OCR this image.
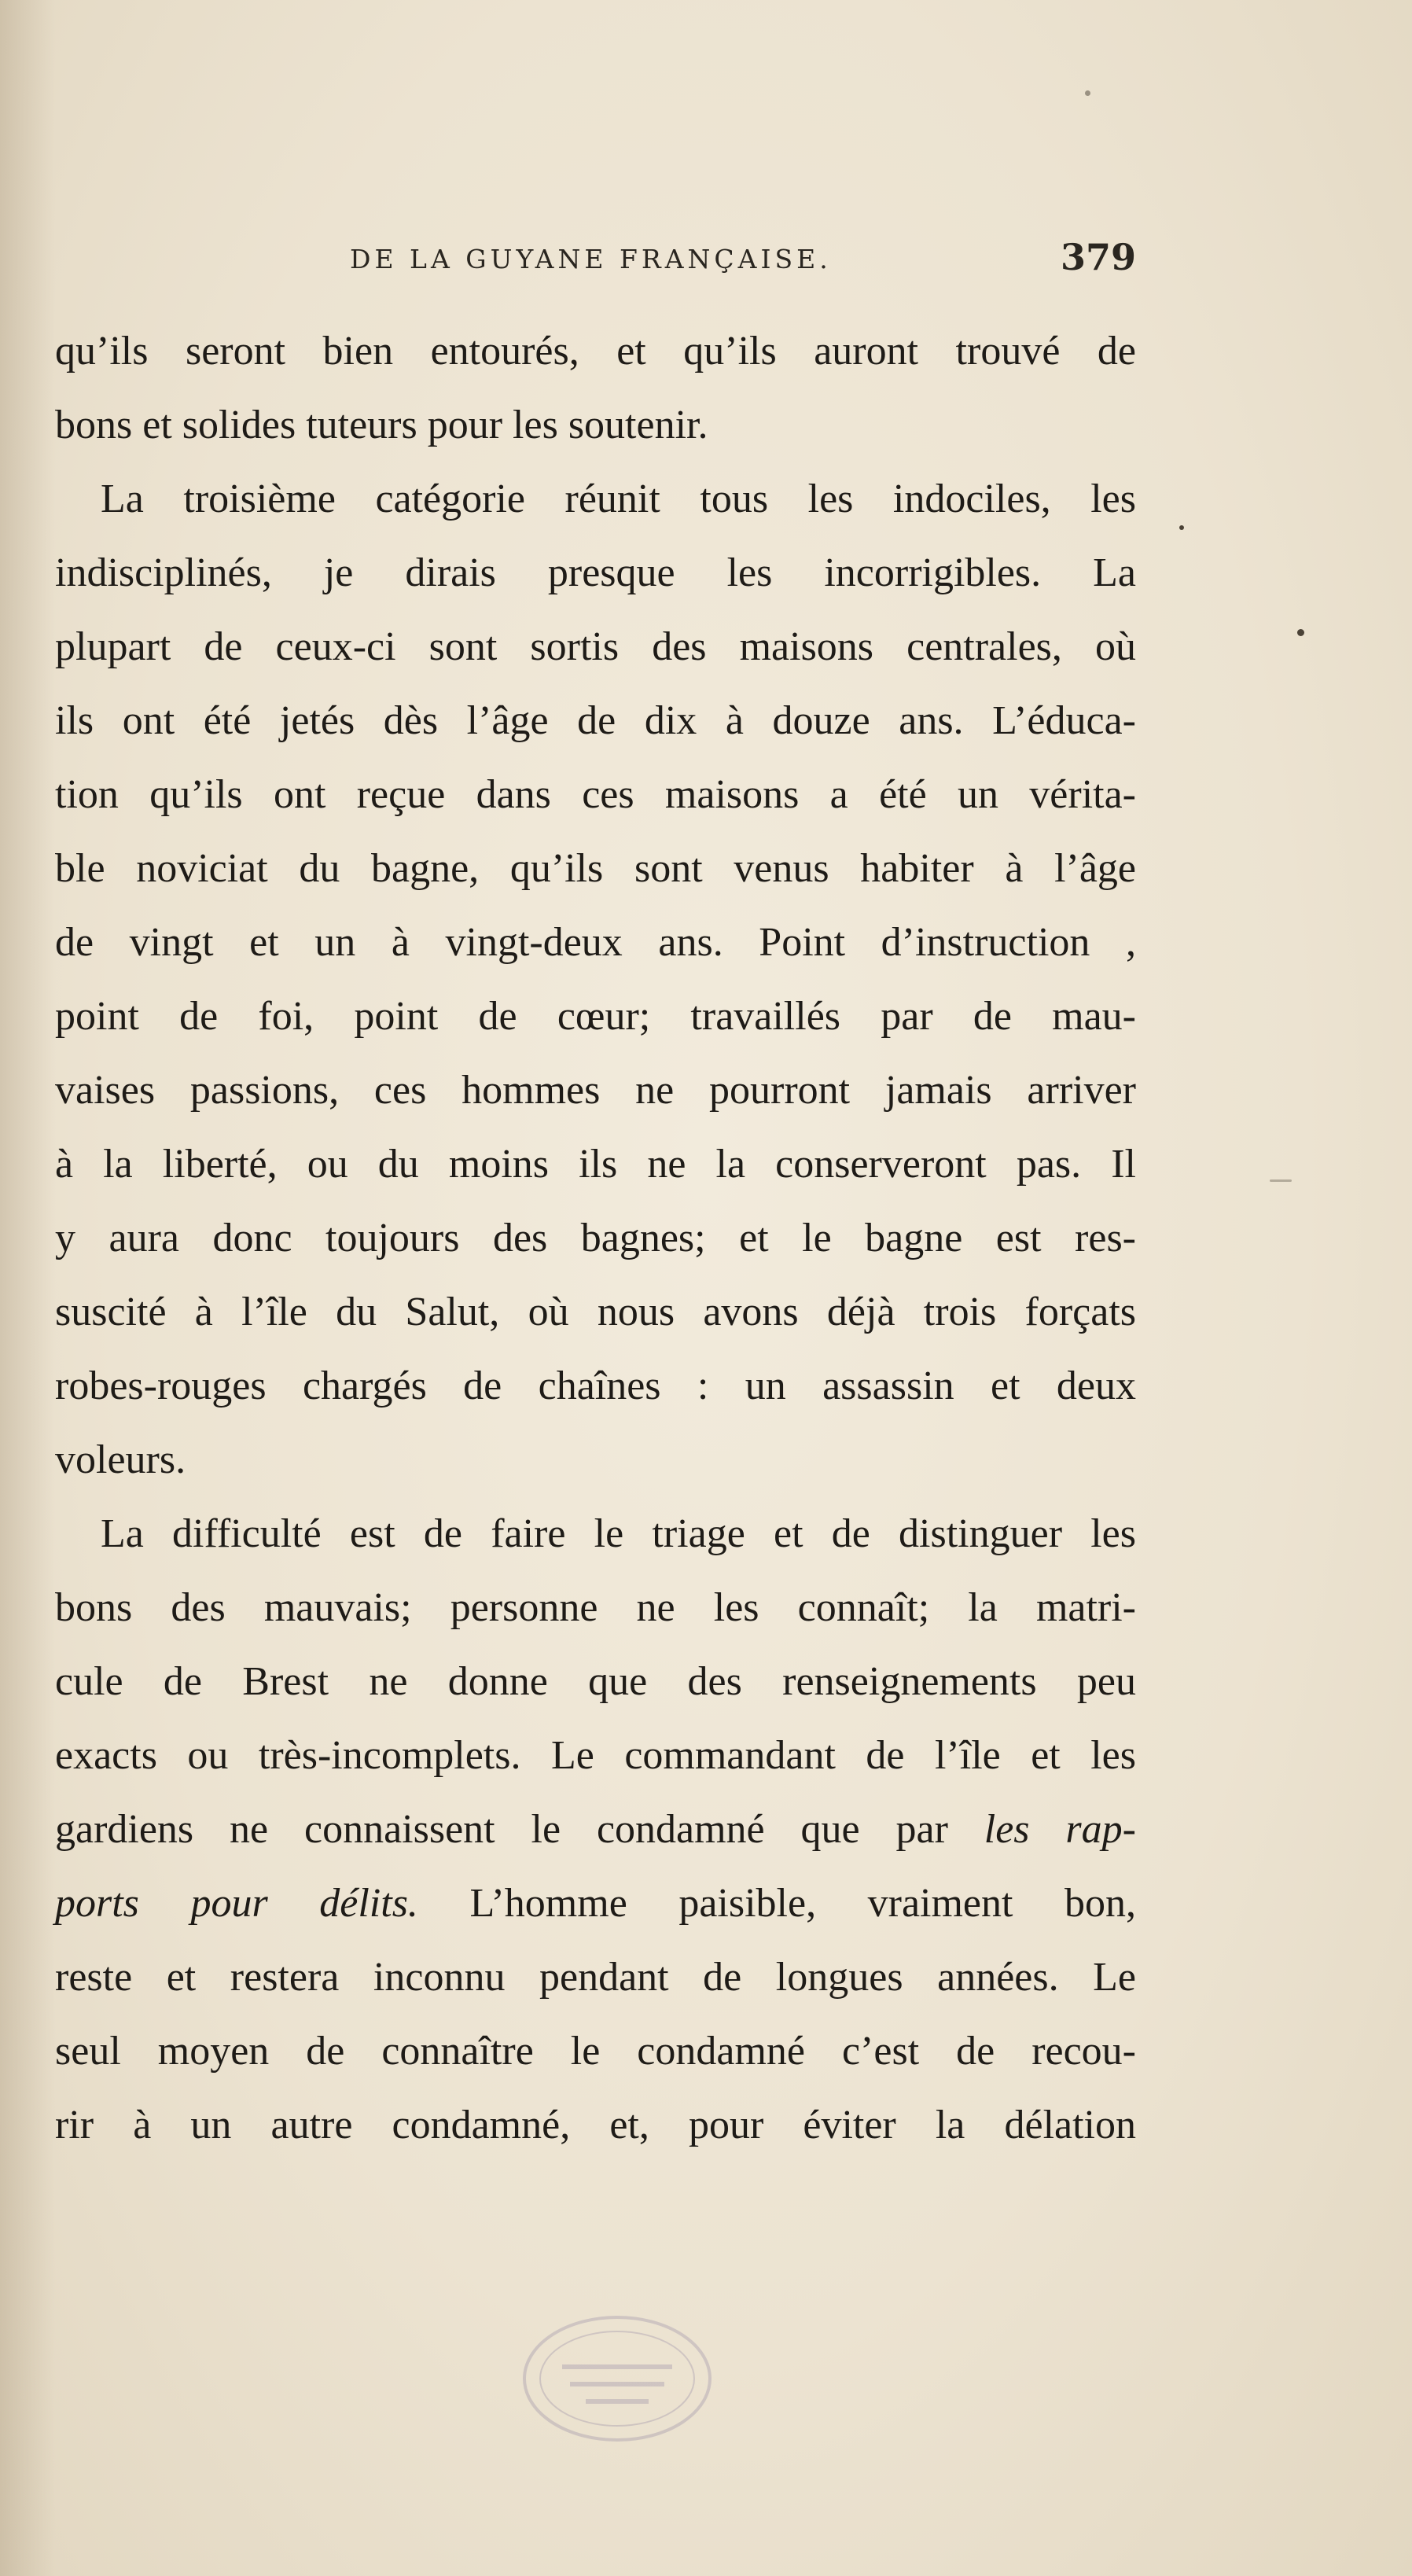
DE LA GUYANE FRANÇAISE.	379
qu’ils seront bien entourés, et qu’ils auront trouvé de
bons et solides tuteurs pour les soutenir.
La troisième catégorie réunit tous les indociles, les
indisciplinés, je dirais presque les incorrigibles. La
plupart de ceux-ci sont sortis des maisons centrales, où
ils ont été jetés dès l’âge de dix à douze ans. L’éduca-
tion qu’ils ont reçue dans ces maisons a été un vérita-
ble noviciat du bagne, qu’ils sont venus habiter à l’âge
de vingt et un à vingt-deux ans. Point d’instruction ,
point de foi, point de cœur; travaillés par de mau-
vaises passions, ces hommes ne pourront jamais arriver
à la liberté, ou du moins ils ne la conserveront pas. Il
y aura donc toujours des bagnes; et le bagne est res-
suscité à l’île du Salut, où nous avons déjà trois forçats
robes-rouges chargés de chaînes : un assassin et deux
voleurs.
La difficulté est de faire le triage et de distinguer les
bons des mauvais; personne ne les connaît; la matri-
cule de Brest ne donne que des renseignements peu
exacts ou très-incomplets. Le commandant de l’île et les
gardiens ne connaissent le condamné que par les rap-
ports pour délits. L’homme paisible, vraiment bon,
reste et restera inconnu pendant de longues années. Le
seul moyen de connaître le condamné c’est de recou-
rir à un autre condamné, et, pour éviter la délation
